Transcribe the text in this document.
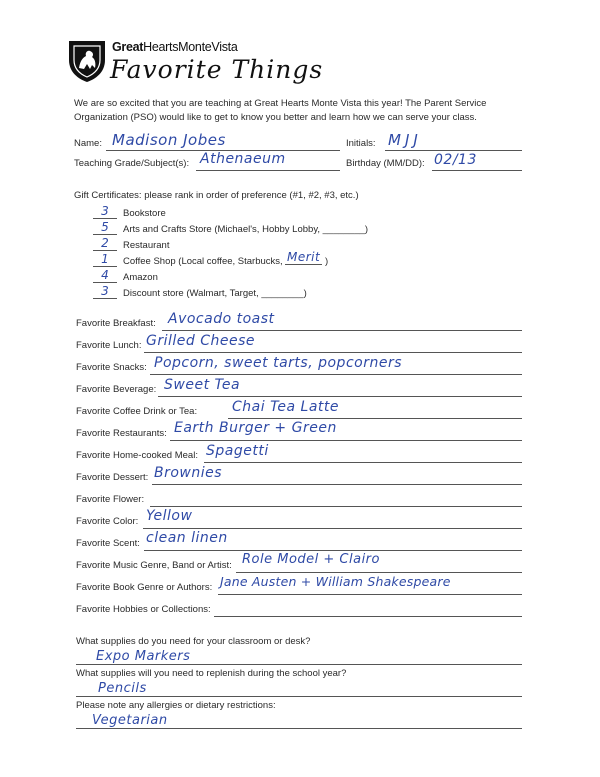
GreatHeartsMonteVista
Favorite Things
We are so excited that you are teaching at Great Hearts Monte Vista this year! The Parent Service Organization (PSO) would like to get to know you better and learn how we can serve your class.
Name: Madison Jobes	Initials: MJJ
Teaching Grade/Subject(s): Athenaeum	Birthday (MM/DD): 02/13
Gift Certificates: please rank in order of preference (#1, #2, #3, etc.)
3	Bookstore
5	Arts and Crafts Store (Michael's, Hobby Lobby, ________)
2	Restaurant
1	Coffee Shop (Local coffee, Starbucks, Merit )
4	Amazon
3	Discount store (Walmart, Target, ________)
Favorite Breakfast: Avocado toast
Favorite Lunch: Grilled Cheese
Favorite Snacks: Popcorn, sweet tarts, popcorners
Favorite Beverage: Sweet Tea
Favorite Coffee Drink or Tea: Chai Tea Latte
Favorite Restaurants: Earth Burger + Green
Favorite Home-cooked Meal: Spagetti
Favorite Dessert: Brownies
Favorite Flower:
Favorite Color: Yellow
Favorite Scent: clean linen
Favorite Music Genre, Band or Artist: Role Model + Clairo
Favorite Book Genre or Authors: Jane Austen + William Shakespeare
Favorite Hobbies or Collections:
What supplies do you need for your classroom or desk?
Expo Markers
What supplies will you need to replenish during the school year?
Pencils
Please note any allergies or dietary restrictions:
Vegetarian
